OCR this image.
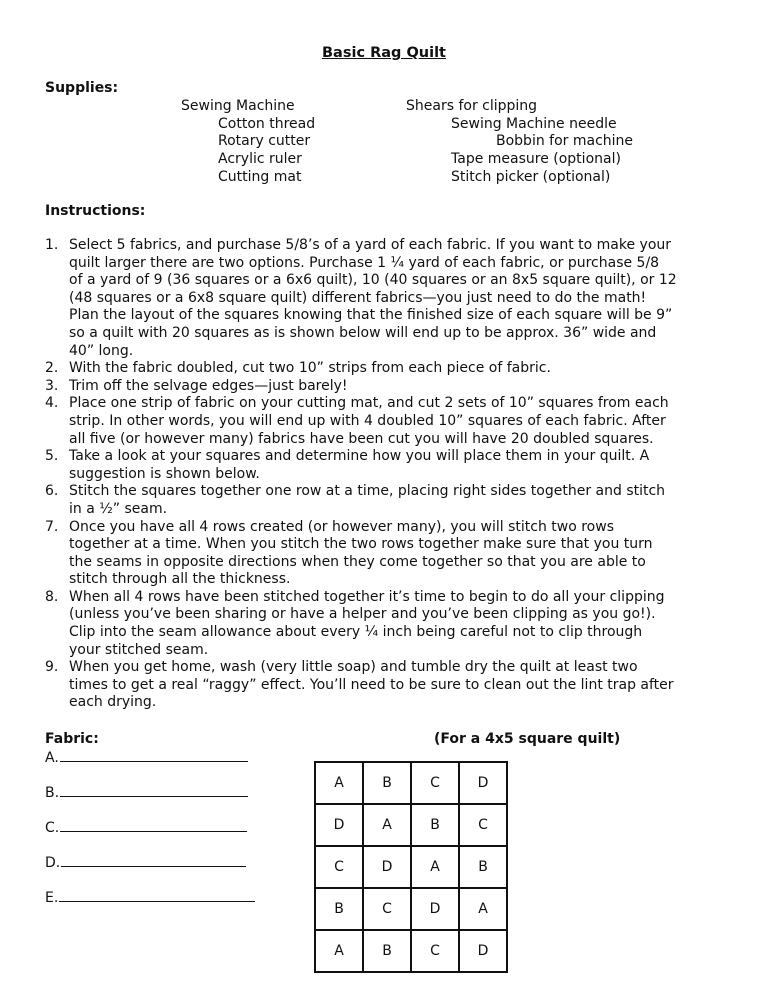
Basic Rag Quilt
Supplies:
Sewing Machine
Cotton thread
Rotary cutter
Acrylic ruler
Cutting mat
Shears for clipping
Sewing Machine needle
Bobbin for machine
Tape measure (optional)
Stitch picker (optional)
Instructions:
1. Select 5 fabrics, and purchase 5/8’s of a yard of each fabric. If you want to make your
quilt larger there are two options. Purchase 1 ¼ yard of each fabric, or purchase 5/8
of a yard of 9 (36 squares or a 6x6 quilt), 10 (40 squares or an 8x5 square quilt), or 12
(48 squares or a 6x8 square quilt) different fabrics—you just need to do the math!
Plan the layout of the squares knowing that the finished size of each square will be 9”
so a quilt with 20 squares as is shown below will end up to be approx. 36” wide and
40” long.
2. With the fabric doubled, cut two 10” strips from each piece of fabric.
3. Trim off the selvage edges—just barely!
4. Place one strip of fabric on your cutting mat, and cut 2 sets of 10” squares from each
strip. In other words, you will end up with 4 doubled 10” squares of each fabric. After
all five (or however many) fabrics have been cut you will have 20 doubled squares.
5. Take a look at your squares and determine how you will place them in your quilt. A
suggestion is shown below.
6. Stitch the squares together one row at a time, placing right sides together and stitch
in a ½” seam.
7. Once you have all 4 rows created (or however many), you will stitch two rows
together at a time. When you stitch the two rows together make sure that you turn
the seams in opposite directions when they come together so that you are able to
stitch through all the thickness.
8. When all 4 rows have been stitched together it’s time to begin to do all your clipping
(unless you’ve been sharing or have a helper and you’ve been clipping as you go!).
Clip into the seam allowance about every ¼ inch being careful not to clip through
your stitched seam.
9. When you get home, wash (very little soap) and tumble dry the quilt at least two
times to get a real “raggy” effect. You’ll need to be sure to clean out the lint trap after
each drying.
Fabric:	(For a 4x5 square quilt)
A.
B.
C.
D.
E.
A	B	C	D
D	A	B	C
C	D	A	B
B	C	D	A
A	B	C	D
